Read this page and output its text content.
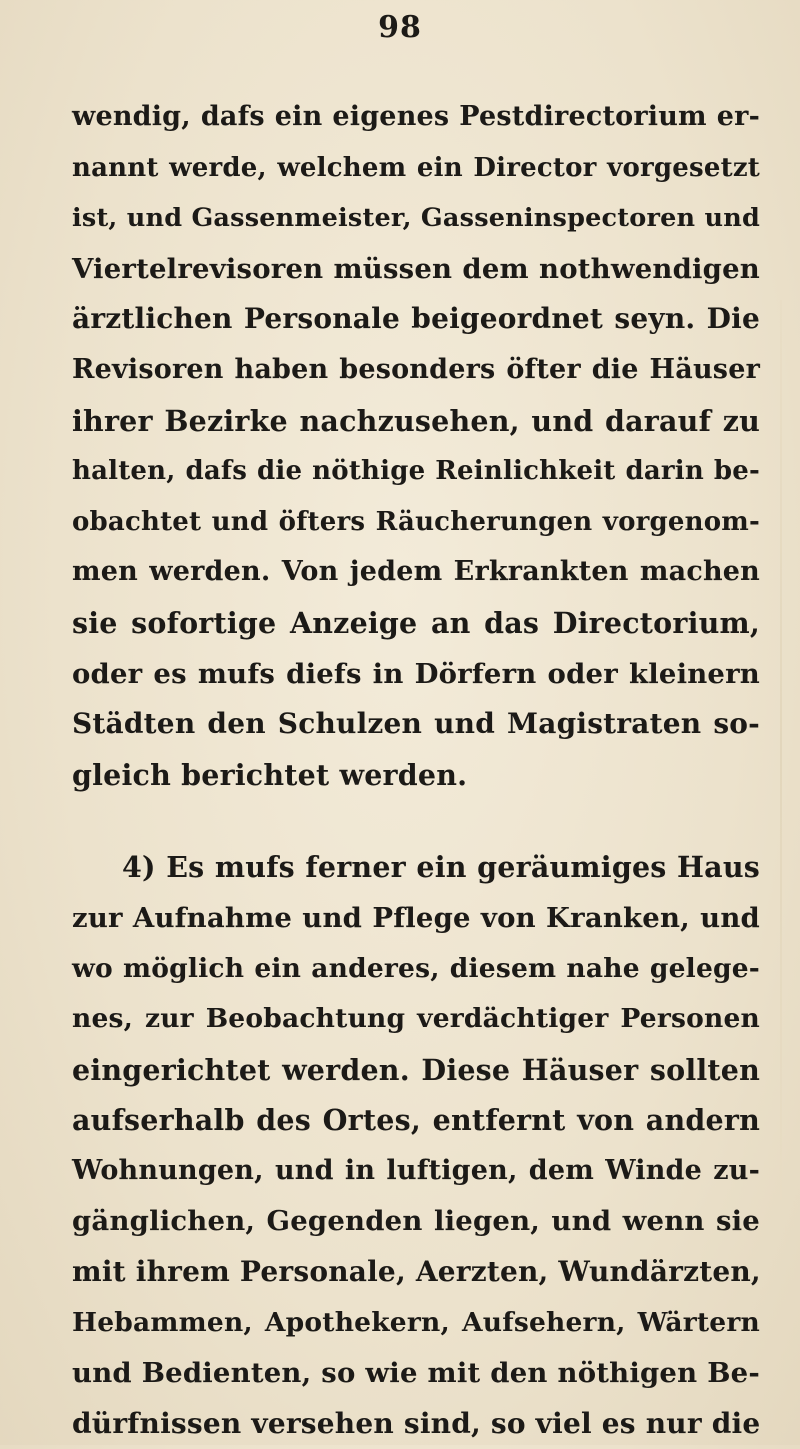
98
wendig, dafs ein eigenes Pestdirectorium er-
nannt werde, welchem ein Director vorgesetzt
ist, und Gassenmeister, Gasseninspectoren und
Viertelrevisoren müssen dem nothwendigen
ärztlichen Personale beigeordnet seyn. Die
Revisoren haben besonders öfter die Häuser
ihrer Bezirke nachzusehen, und darauf zu
halten, dafs die nöthige Reinlichkeit darin be-
obachtet und öfters Räucherungen vorgenom-
men werden. Von jedem Erkrankten machen
sie sofortige Anzeige an das Directorium,
oder es mufs diefs in Dörfern oder kleinern
Städten den Schulzen und Magistraten so-
gleich berichtet werden.
4) Es mufs ferner ein geräumiges Haus
zur Aufnahme und Pflege von Kranken, und
wo möglich ein anderes, diesem nahe gelege-
nes, zur Beobachtung verdächtiger Personen
eingerichtet werden. Diese Häuser sollten
aufserhalb des Ortes, entfernt von andern
Wohnungen, und in luftigen, dem Winde zu-
gänglichen, Gegenden liegen, und wenn sie
mit ihrem Personale, Aerzten, Wundärzten,
Hebammen, Apothekern, Aufsehern, Wärtern
und Bedienten, so wie mit den nöthigen Be-
dürfnissen versehen sind, so viel es nur die
